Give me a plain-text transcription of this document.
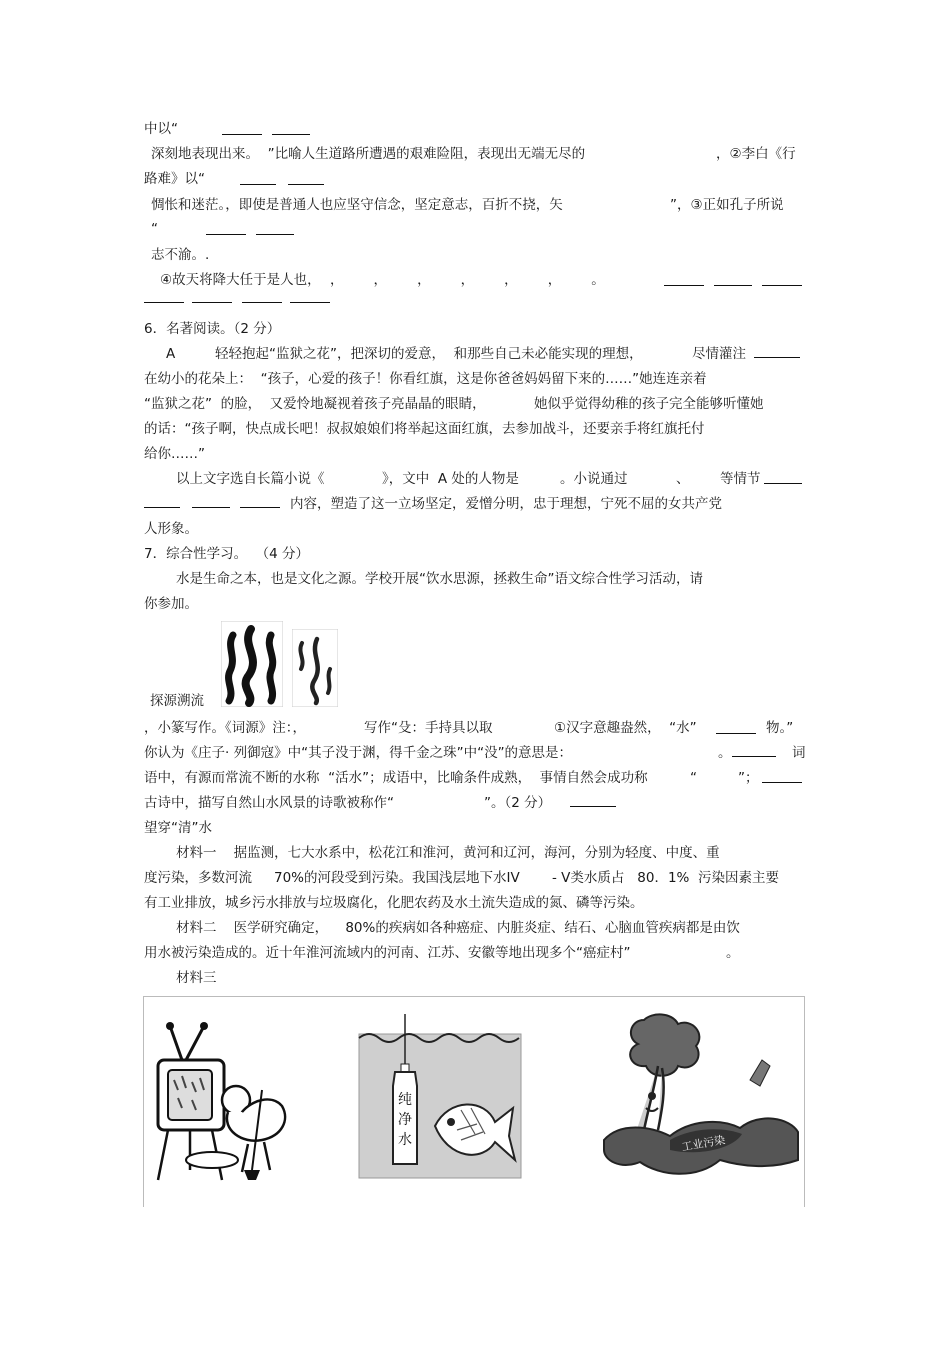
中以“
深刻地表现出来。  ”比喻人生道路所遭遇的艰难险阻，表现出无端无尽的	，②李白《行
路难》以“
惆怅和迷茫。，即使是普通人也应坚守信念，坚定意志，百折不挠，矢	”，③正如孔子所说
“
志不渝。.
④故天将降大任于是人也， ，       ，       ，       ，       ，       ，       。
6．名著阅读。（2 分）
A	轻轻抱起“监狱之花”，把深切的爱意，  和那些自己未必能实现的理想，	尽情灌注
在幼小的花朵上：  “孩子，心爱的孩子！你看红旗，这是你爸爸妈妈留下来的……”她连连亲着
“监狱之花”  的脸，  又爱怜地凝视着孩子亮晶晶的眼睛，	她似乎觉得幼稚的孩子完全能够听懂她
的话：“孩子啊，快点成长吧！叔叔娘娘们将举起这面红旗，去参加战斗，还要亲手将红旗托付
给你……”
以上文字选自长篇小说《	》，文中  A 处的人物是	。小说通过	、 等情节
内容，塑造了这一立场坚定，爱憎分明，忠于理想，宁死不屈的女共产党
人形象。
7．综合性学习。  （4 分）
水是生命之本，也是文化之源。学校开展“饮水思源，拯救生命”语文综合性学习活动，请
你参加。
探源溯流
，小篆写作。《词源》注：，	写作“殳：手持具以取	①汉字意趣盎然，  “水”	物。”
你认为《庄子· 列御寇》中“其子没于渊，得千金之珠”中“没”的意思是：	。	词
语中，有源而常流不断的水称  “活水”；成语中，比喻条件成熟，  事情自然会成功称	“	”；
古诗中，描写自然山水风景的诗歌被称作“	”。（2 分）
望穿“清”水
材料一    据监测，七大水系中，松花江和淮河，黄河和辽河，海河，分别为轻度、中度、重
度污染，多数河流 70%的河段受到污染。我国浅层地下水IV - V类水质占   80．1%  污染因素主要
有工业排放，城乡污水排放与垃圾腐化，化肥农药及水土流失造成的氮、磷等污染。
材料二    医学研究确定，    80%的疾病如各种癌症、内脏炎症、结石、心脑血管疾病都是由饮
用水被污染造成的。近十年淮河流域内的河南、江苏、安徽等地出现多个“癌症村”	。
材料三
纯
净
水	工业污染
